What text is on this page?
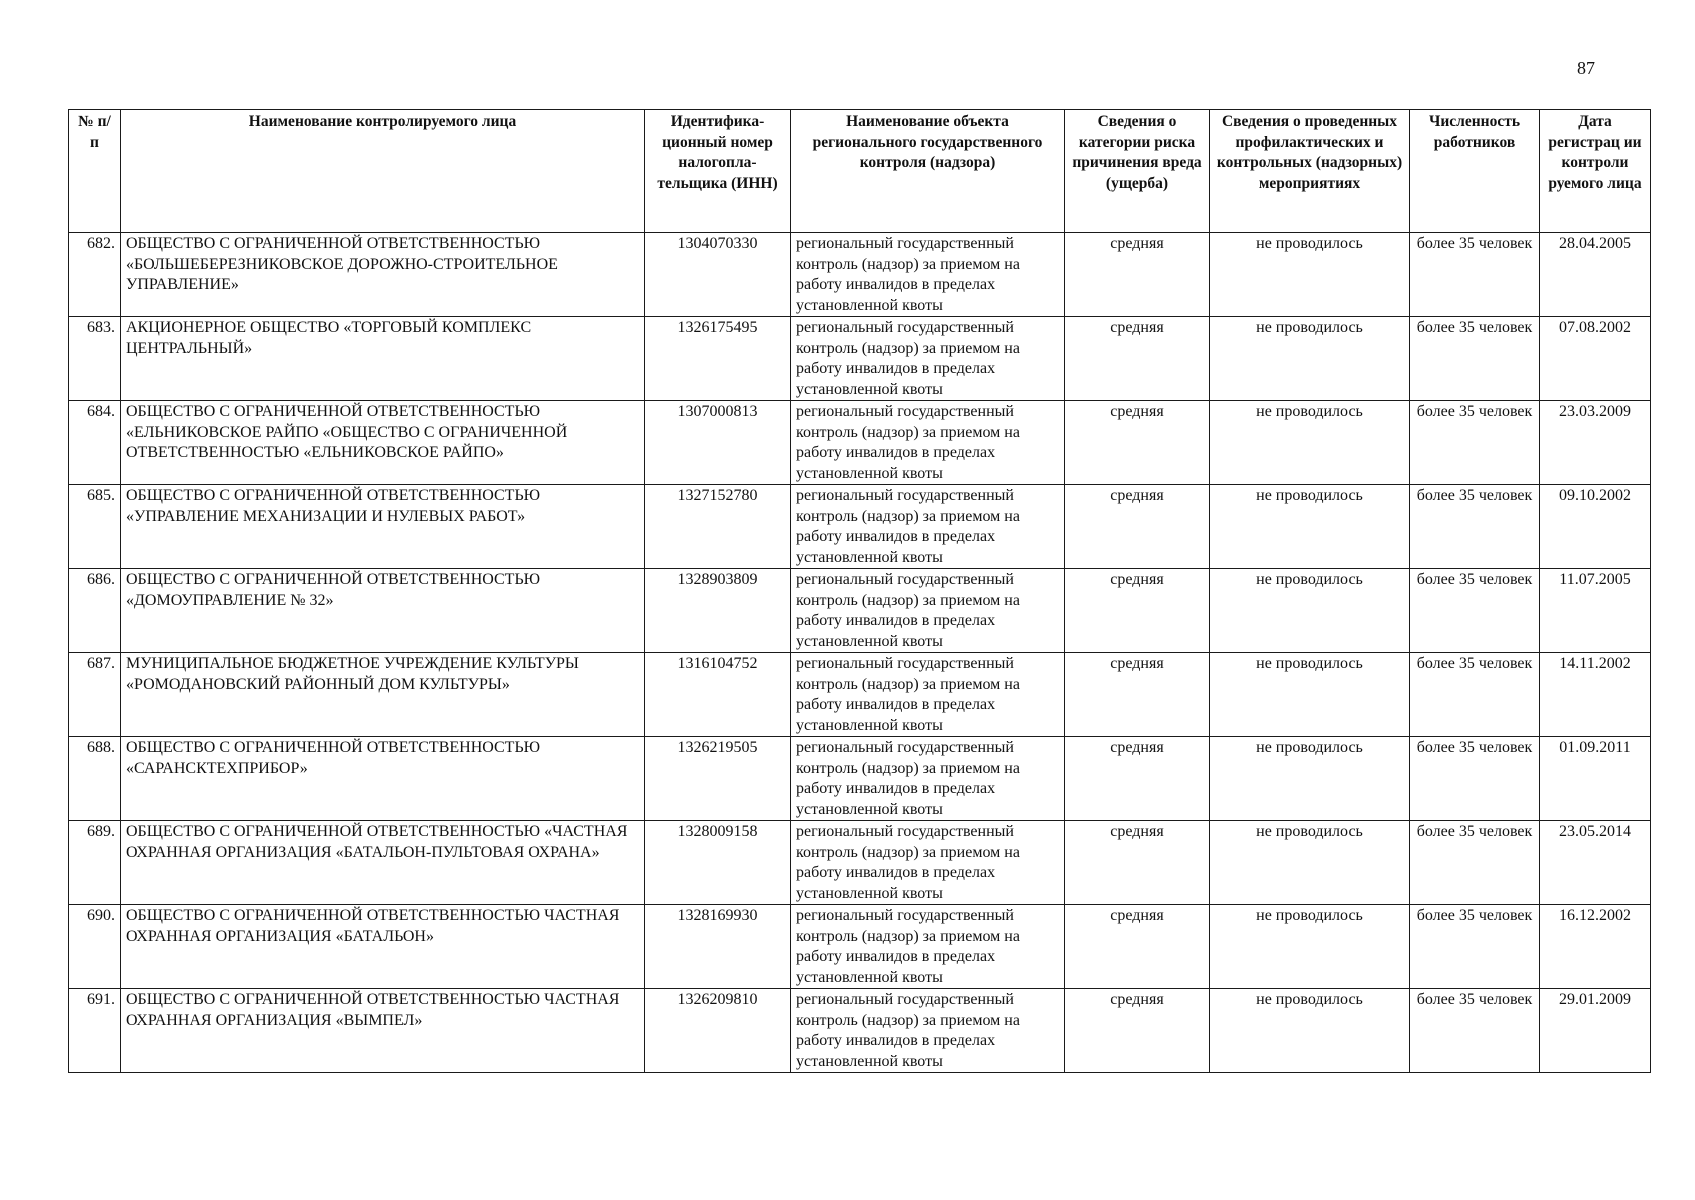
87
№ п/п	Наименование контролируемого лица	Идентифика-ционный номер налогопла-тельщика (ИНН)	Наименование объекта регионального государственного контроля (надзора)	Сведения о категории риска причинения вреда (ущерба)	Сведения о проведенных профилактических и контрольных (надзорных) мероприятиях	Численность работников	Дата регистрац ии контроли руемого лица
682.	ОБЩЕСТВО С ОГРАНИЧЕННОЙ ОТВЕТСТВЕННОСТЬЮ «БОЛЬШЕБЕРЕЗНИКОВСКОЕ ДОРОЖНО-СТРОИТЕЛЬНОЕ УПРАВЛЕНИЕ»	1304070330	региональный государственный контроль (надзор) за приемом на работу инвалидов в пределах установленной квоты	средняя	не проводилось	более 35 человек	28.04.2005
683.	АКЦИОНЕРНОЕ ОБЩЕСТВО «ТОРГОВЫЙ КОМПЛЕКС ЦЕНТРАЛЬНЫЙ»	1326175495	региональный государственный контроль (надзор) за приемом на работу инвалидов в пределах установленной квоты	средняя	не проводилось	более 35 человек	07.08.2002
684.	ОБЩЕСТВО С ОГРАНИЧЕННОЙ ОТВЕТСТВЕННОСТЬЮ «ЕЛЬНИКОВСКОЕ РАЙПО «ОБЩЕСТВО С ОГРАНИЧЕННОЙ ОТВЕТСТВЕННОСТЬЮ «ЕЛЬНИКОВСКОЕ РАЙПО»	1307000813	региональный государственный контроль (надзор) за приемом на работу инвалидов в пределах установленной квоты	средняя	не проводилось	более 35 человек	23.03.2009
685.	ОБЩЕСТВО С ОГРАНИЧЕННОЙ ОТВЕТСТВЕННОСТЬЮ «УПРАВЛЕНИЕ МЕХАНИЗАЦИИ И НУЛЕВЫХ РАБОТ»	1327152780	региональный государственный контроль (надзор) за приемом на работу инвалидов в пределах установленной квоты	средняя	не проводилось	более 35 человек	09.10.2002
686.	ОБЩЕСТВО С ОГРАНИЧЕННОЙ ОТВЕТСТВЕННОСТЬЮ «ДОМОУПРАВЛЕНИЕ № 32»	1328903809	региональный государственный контроль (надзор) за приемом на работу инвалидов в пределах установленной квоты	средняя	не проводилось	более 35 человек	11.07.2005
687.	МУНИЦИПАЛЬНОЕ БЮДЖЕТНОЕ УЧРЕЖДЕНИЕ КУЛЬТУРЫ «РОМОДАНОВСКИЙ РАЙОННЫЙ ДОМ КУЛЬТУРЫ»	1316104752	региональный государственный контроль (надзор) за приемом на работу инвалидов в пределах установленной квоты	средняя	не проводилось	более 35 человек	14.11.2002
688.	ОБЩЕСТВО С ОГРАНИЧЕННОЙ ОТВЕТСТВЕННОСТЬЮ «САРАНСКТЕХПРИБОР»	1326219505	региональный государственный контроль (надзор) за приемом на работу инвалидов в пределах установленной квоты	средняя	не проводилось	более 35 человек	01.09.2011
689.	ОБЩЕСТВО С ОГРАНИЧЕННОЙ ОТВЕТСТВЕННОСТЬЮ «ЧАСТНАЯ ОХРАННАЯ ОРГАНИЗАЦИЯ «БАТАЛЬОН-ПУЛЬТОВАЯ ОХРАНА»	1328009158	региональный государственный контроль (надзор) за приемом на работу инвалидов в пределах установленной квоты	средняя	не проводилось	более 35 человек	23.05.2014
690.	ОБЩЕСТВО С ОГРАНИЧЕННОЙ ОТВЕТСТВЕННОСТЬЮ ЧАСТНАЯ ОХРАННАЯ ОРГАНИЗАЦИЯ «БАТАЛЬОН»	1328169930	региональный государственный контроль (надзор) за приемом на работу инвалидов в пределах установленной квоты	средняя	не проводилось	более 35 человек	16.12.2002
691.	ОБЩЕСТВО С ОГРАНИЧЕННОЙ ОТВЕТСТВЕННОСТЬЮ ЧАСТНАЯ ОХРАННАЯ ОРГАНИЗАЦИЯ «ВЫМПЕЛ»	1326209810	региональный государственный контроль (надзор) за приемом на работу инвалидов в пределах установленной квоты	средняя	не проводилось	более 35 человек	29.01.2009
